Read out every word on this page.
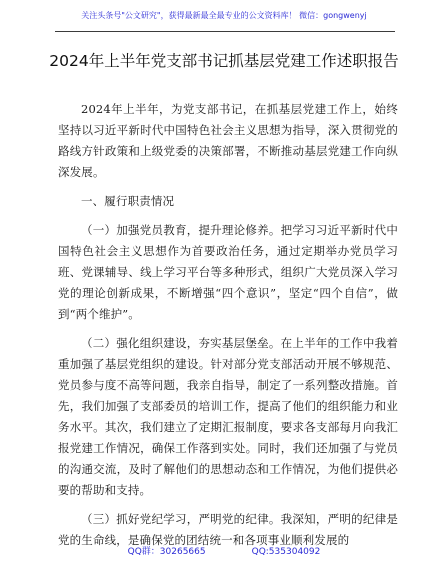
关注头条号"公文研究"，获得最新最全最专业的公文资料库！ 微信：gongwenyj
2024年上半年党支部书记抓基层党建工作述职报告

2024年上半年，为党支部书记，在抓基层党建工作上，始终坚持以习近平新时代中国特色社会主义思想为指导，深入贯彻党的路线方针政策和上级党委的决策部署，不断推动基层党建工作向纵深发展。

一、履行职责情况

（一）加强党员教育，提升理论修养。把学习习近平新时代中国特色社会主义思想作为首要政治任务，通过定期举办党员学习班、党课辅导、线上学习平台等多种形式，组织广大党员深入学习党的理论创新成果，不断增强“四个意识”，坚定“四个自信”，做到“两个维护”。

（二）强化组织建设，夯实基层堡垒。在上半年的工作中我着重加强了基层党组织的建设。针对部分党支部活动开展不够规范、党员参与度不高等问题，我亲自指导，制定了一系列整改措施。首先，我们加强了支部委员的培训工作，提高了他们的组织能力和业务水平。其次，我们建立了定期汇报制度，要求各支部每月向我汇报党建工作情况，确保工作落到实处。同时，我们还加强了与党员的沟通交流，及时了解他们的思想动态和工作情况，为他们提供必要的帮助和支持。

（三）抓好党纪学习，严明党的纪律。我深知，严明的纪律是党的生命线，是确保党的团结统一和各项事业顺利发展的

QQ群：30265665	QQ:535304092
